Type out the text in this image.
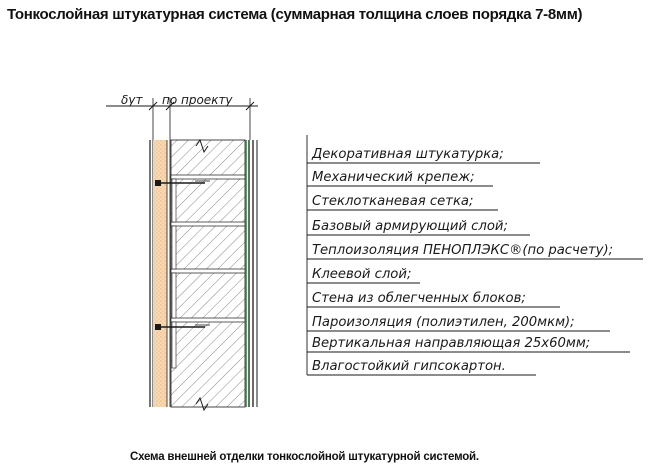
Тонкослойная штукатурная система (суммарная толщина слоев порядка 7-8мм)
δут по проекту
Декоративная штукатурка;
Механический крепеж;
Стеклотканевая сетка;
Базовый армирующий слой;
Теплоизоляция ПЕНОПЛЭКС®(по расчету);
Клеевой слой;
Стена из облегченных блоков;
Пароизоляция (полиэтилен, 200мкм);
Вертикальная направляющая 25х60мм;
Влагостойкий гипсокартон.

Схема внешней отделки тонкослойной штукатурной системой.
